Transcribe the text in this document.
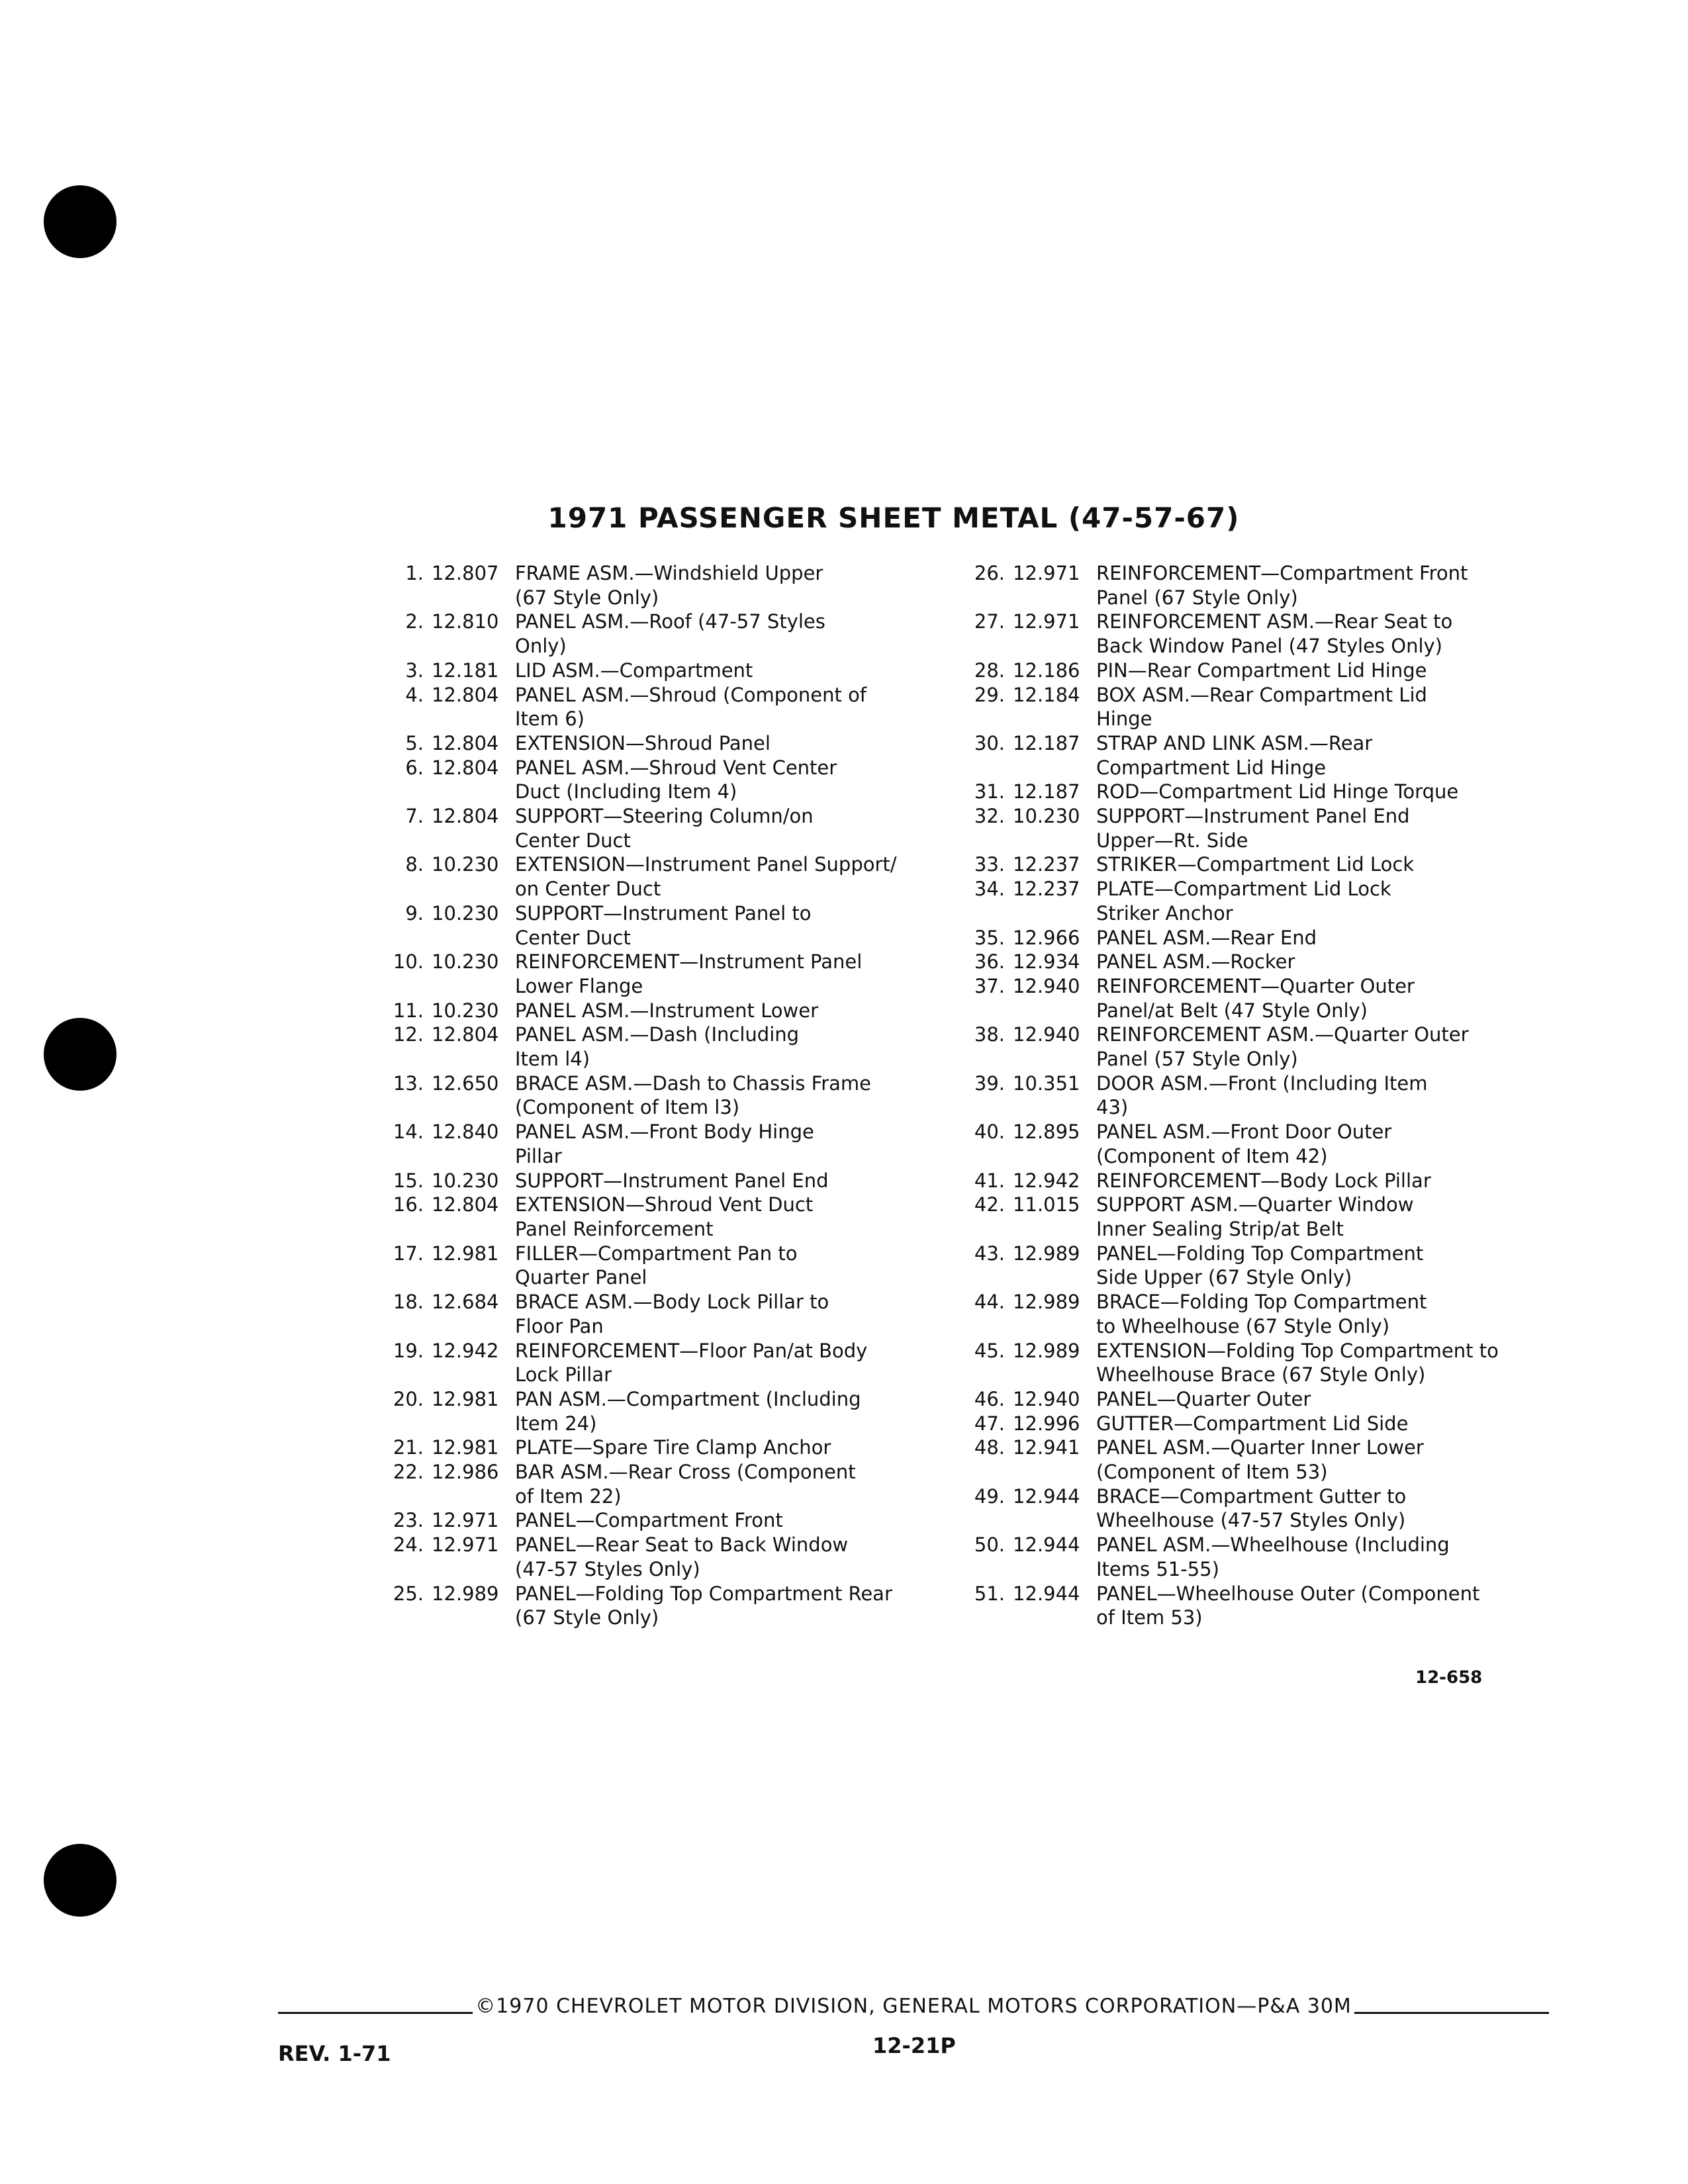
1971 PASSENGER SHEET METAL (47-57-67)
1. 12.807 FRAME ASM.—Windshield Upper
(67 Style Only)
2. 12.810 PANEL ASM.—Roof (47-57 Styles
Only)
3. 12.181 LID ASM.—Compartment
4. 12.804 PANEL ASM.—Shroud (Component of
Item 6)
5. 12.804 EXTENSION—Shroud Panel
6. 12.804 PANEL ASM.—Shroud Vent Center
Duct (Including Item 4)
7. 12.804 SUPPORT—Steering Column/on
Center Duct
8. 10.230 EXTENSION—Instrument Panel Support/
on Center Duct
9. 10.230 SUPPORT—Instrument Panel to
Center Duct
10. 10.230 REINFORCEMENT—Instrument Panel
Lower Flange
11. 10.230 PANEL ASM.—Instrument Lower
12. 12.804 PANEL ASM.—Dash (Including
Item l4)
13. 12.650 BRACE ASM.—Dash to Chassis Frame
(Component of Item l3)
14. 12.840 PANEL ASM.—Front Body Hinge
Pillar
15. 10.230 SUPPORT—Instrument Panel End
16. 12.804 EXTENSION—Shroud Vent Duct
Panel Reinforcement
17. 12.981 FILLER—Compartment Pan to
Quarter Panel
18. 12.684 BRACE ASM.—Body Lock Pillar to
Floor Pan
19. 12.942 REINFORCEMENT—Floor Pan/at Body
Lock Pillar
20. 12.981 PAN ASM.—Compartment (Including
Item 24)
21. 12.981 PLATE—Spare Tire Clamp Anchor
22. 12.986 BAR ASM.—Rear Cross (Component
of Item 22)
23. 12.971 PANEL—Compartment Front
24. 12.971 PANEL—Rear Seat to Back Window
(47-57 Styles Only)
25. 12.989 PANEL—Folding Top Compartment Rear
(67 Style Only)
26. 12.971 REINFORCEMENT—Compartment Front
Panel (67 Style Only)
27. 12.971 REINFORCEMENT ASM.—Rear Seat to
Back Window Panel (47 Styles Only)
28. 12.186 PIN—Rear Compartment Lid Hinge
29. 12.184 BOX ASM.—Rear Compartment Lid
Hinge
30. 12.187 STRAP AND LINK ASM.—Rear
Compartment Lid Hinge
31. 12.187 ROD—Compartment Lid Hinge Torque
32. 10.230 SUPPORT—Instrument Panel End
Upper—Rt. Side
33. 12.237 STRIKER—Compartment Lid Lock
34. 12.237 PLATE—Compartment Lid Lock
Striker Anchor
35. 12.966 PANEL ASM.—Rear End
36. 12.934 PANEL ASM.—Rocker
37. 12.940 REINFORCEMENT—Quarter Outer
Panel/at Belt (47 Style Only)
38. 12.940 REINFORCEMENT ASM.—Quarter Outer
Panel (57 Style Only)
39. 10.351 DOOR ASM.—Front (Including Item
43)
40. 12.895 PANEL ASM.—Front Door Outer
(Component of Item 42)
41. 12.942 REINFORCEMENT—Body Lock Pillar
42. 11.015 SUPPORT ASM.—Quarter Window
Inner Sealing Strip/at Belt
43. 12.989 PANEL—Folding Top Compartment
Side Upper (67 Style Only)
44. 12.989 BRACE—Folding Top Compartment
to Wheelhouse (67 Style Only)
45. 12.989 EXTENSION—Folding Top Compartment to
Wheelhouse Brace (67 Style Only)
46. 12.940 PANEL—Quarter Outer
47. 12.996 GUTTER—Compartment Lid Side
48. 12.941 PANEL ASM.—Quarter Inner Lower
(Component of Item 53)
49. 12.944 BRACE—Compartment Gutter to
Wheelhouse (47-57 Styles Only)
50. 12.944 PANEL ASM.—Wheelhouse (Including
Items 51-55)
51. 12.944 PANEL—Wheelhouse Outer (Component
of Item 53)
12-658
©1970 CHEVROLET MOTOR DIVISION, GENERAL MOTORS CORPORATION—P&A 30M
REV. 1-71	12-21P
